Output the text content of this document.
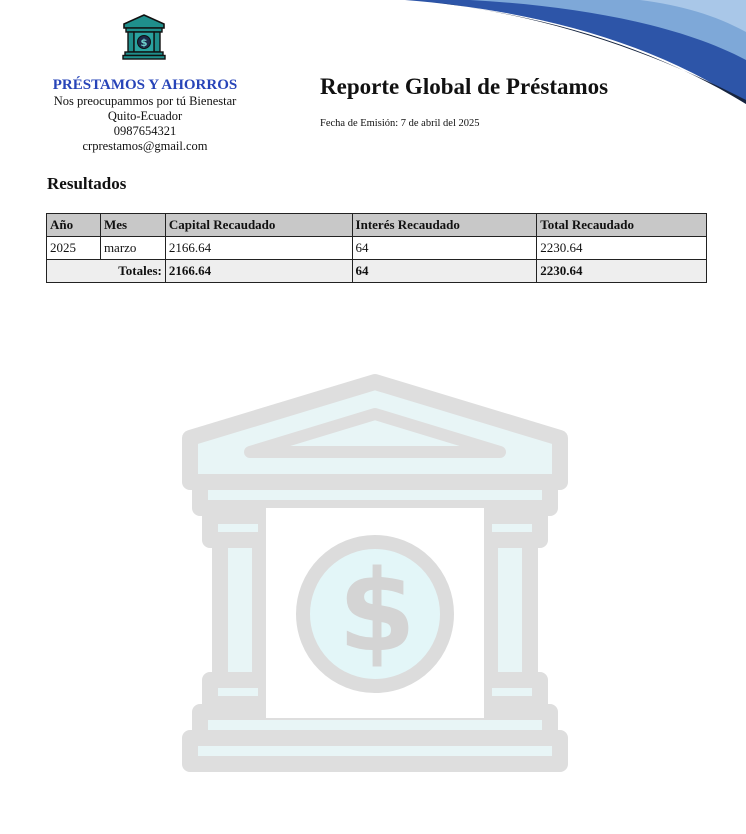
$
PRÉSTAMOS Y AHORROS
Nos preocupammos por tú Bienestar
Quito-Ecuador
0987654321
crprestamos@gmail.com
Reporte Global de Préstamos
Fecha de Emisión: 7 de abril del 2025
Resultados
Año	Mes	Capital Recaudado	Interés Recaudado	Total Recaudado
2025	marzo	2166.64	64	2230.64
Totales:		2166.64	64	2230.64
$
